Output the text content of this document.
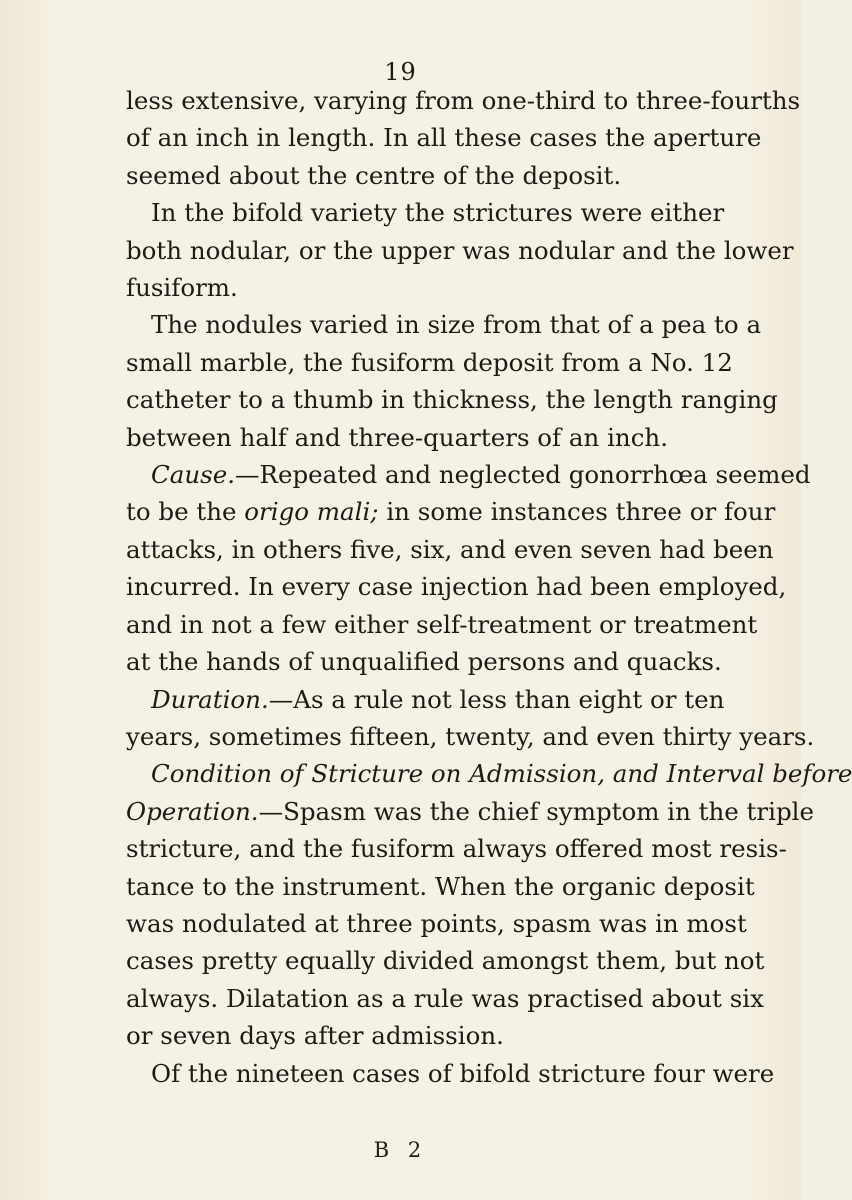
19
less extensive, varying from one-third to three-fourths
of an inch in length. In all these cases the aperture
seemed about the centre of the deposit.
In the bifold variety the strictures were either
both nodular, or the upper was nodular and the lower
fusiform.
The nodules varied in size from that of a pea to a
small marble, the fusiform deposit from a No. 12
catheter to a thumb in thickness, the length ranging
between half and three-quarters of an inch.
Cause.—Repeated and neglected gonorrhœa seemed
to be the origo mali; in some instances three or four
attacks, in others five, six, and even seven had been
incurred. In every case injection had been employed,
and in not a few either self-treatment or treatment
at the hands of unqualified persons and quacks.
Duration.—As a rule not less than eight or ten
years, sometimes fifteen, twenty, and even thirty years.
Condition of Stricture on Admission, and Interval before
Operation.—Spasm was the chief symptom in the triple
stricture, and the fusiform always offered most resis-
tance to the instrument. When the organic deposit
was nodulated at three points, spasm was in most
cases pretty equally divided amongst them, but not
always. Dilatation as a rule was practised about six
or seven days after admission.
Of the nineteen cases of bifold stricture four were
B 2
